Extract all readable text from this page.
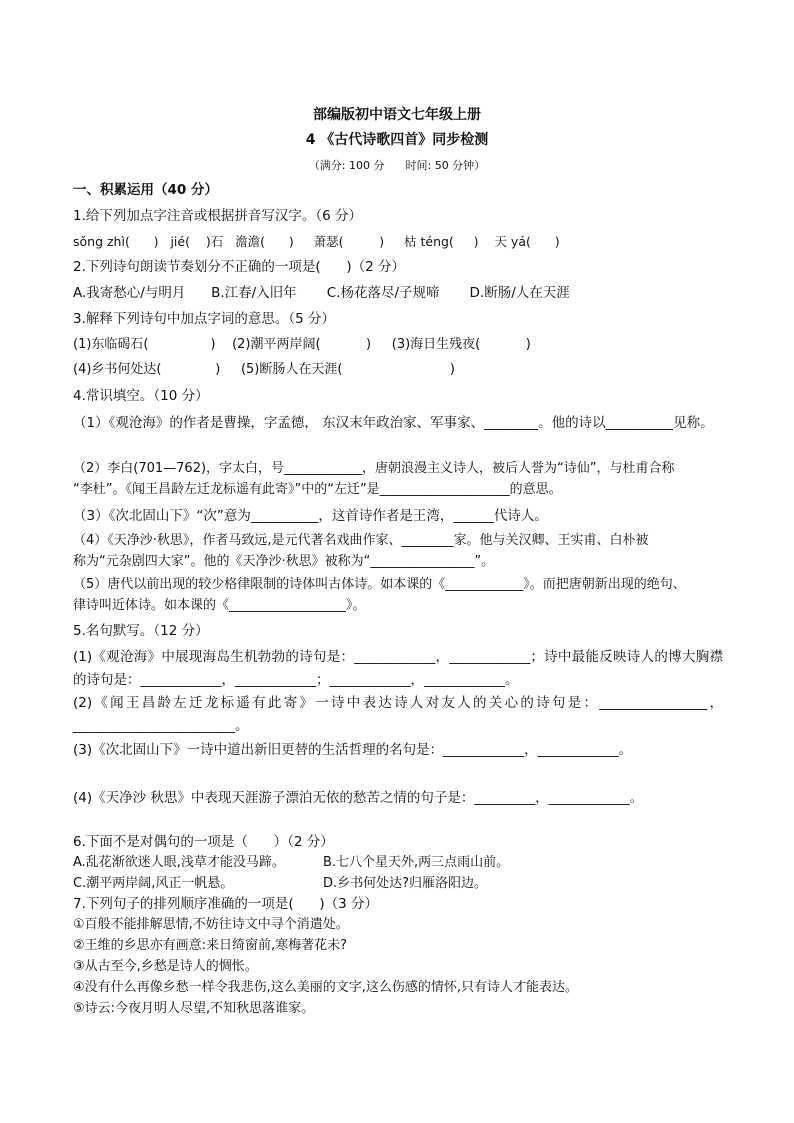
部编版初中语文七年级上册
4 《古代诗歌四首》同步检测
（满分: 100 分      时间: 50 分钟）
一、积累运用（40 分）
1.给下列加点字注音或根据拼音写汉字。（6 分）
sǒng zhì(      )   jié(    )石   澹澹(      )     萧瑟(         )     枯 téng(     )    天 yá(      )
2.下列诗句朗读节奏划分不正确的一项是(      )（2 分）
A.我寄愁心/与明月      B.江春/入旧年       C.杨花落尽/子规啼       D.断肠/人在天涯
3.解释下列诗句中加点字词的意思。（5 分）
(1)东临碣石(               )    (2)潮平两岸阔(           )     (3)海日生残夜(           )
(4)乡书何处达(             )     (5)断肠人在天涯(                          )
4.常识填空。（10 分）
（1）《观沧海》的作者是曹操，字孟德， 东汉末年政治家、军事家、________。他的诗以__________见称。
（2）李白(701—762)，字太白，号____________，唐朝浪漫主义诗人，被后人誉为“诗仙”，与杜甫合称
“李杜”。《闻王昌龄左迁龙标遥有此寄》”中的“左迁”是____________________的意思。
（3）《次北固山下》“次”意为__________，这首诗作者是王湾，______代诗人。
（4）《天净沙·秋思》，作者马致远,是元代著名戏曲作家、________家。他与关汉卿、王实甫、白朴被
称为“元杂剧四大家”。他的《天净沙·秋思》被称为“________________”。
（5）唐代以前出现的较少格律限制的诗体叫古体诗。如本课的《____________》。而把唐朝新出现的绝句、
律诗叫近体诗。如本课的《__________________》。
5.名句默写。（12 分）
(1)《观沧海》中展现海岛生机勃勃的诗句是：____________，____________；诗中最能反映诗人的博大胸襟的诗句是：____________，____________；____________，____________。
(2)《闻王昌龄左迁龙标遥有此寄》一诗中表达诗人对友人的关心的诗句是：________________，________________________。
(3)《次北固山下》一诗中道出新旧更替的生活哲理的名句是：____________，____________。
(4)《天净沙 秋思》中表现天涯游子漂泊无依的愁苦之情的句子是：_________，____________。
6.下面不是对偶句的一项是（      ）（2 分）
A.乱花渐欲迷人眼,浅草才能没马蹄。	B.七八个星天外,两三点雨山前。
C.潮平两岸阔,风正一帆悬。	D.乡书何处达?归雁洛阳边。
7.下列句子的排列顺序准确的一项是(      )（3 分）
①百般不能排解思情,不妨往诗文中寻个消遣处。
②王维的乡思亦有画意:来日绮窗前,寒梅著花未?
③从古至今,乡愁是诗人的惆怅。
④没有什么再像乡愁一样令我悲伤,这么美丽的文字,这么伤感的情怀,只有诗人才能表达。
⑤诗云:今夜月明人尽望,不知秋思落谁家。
